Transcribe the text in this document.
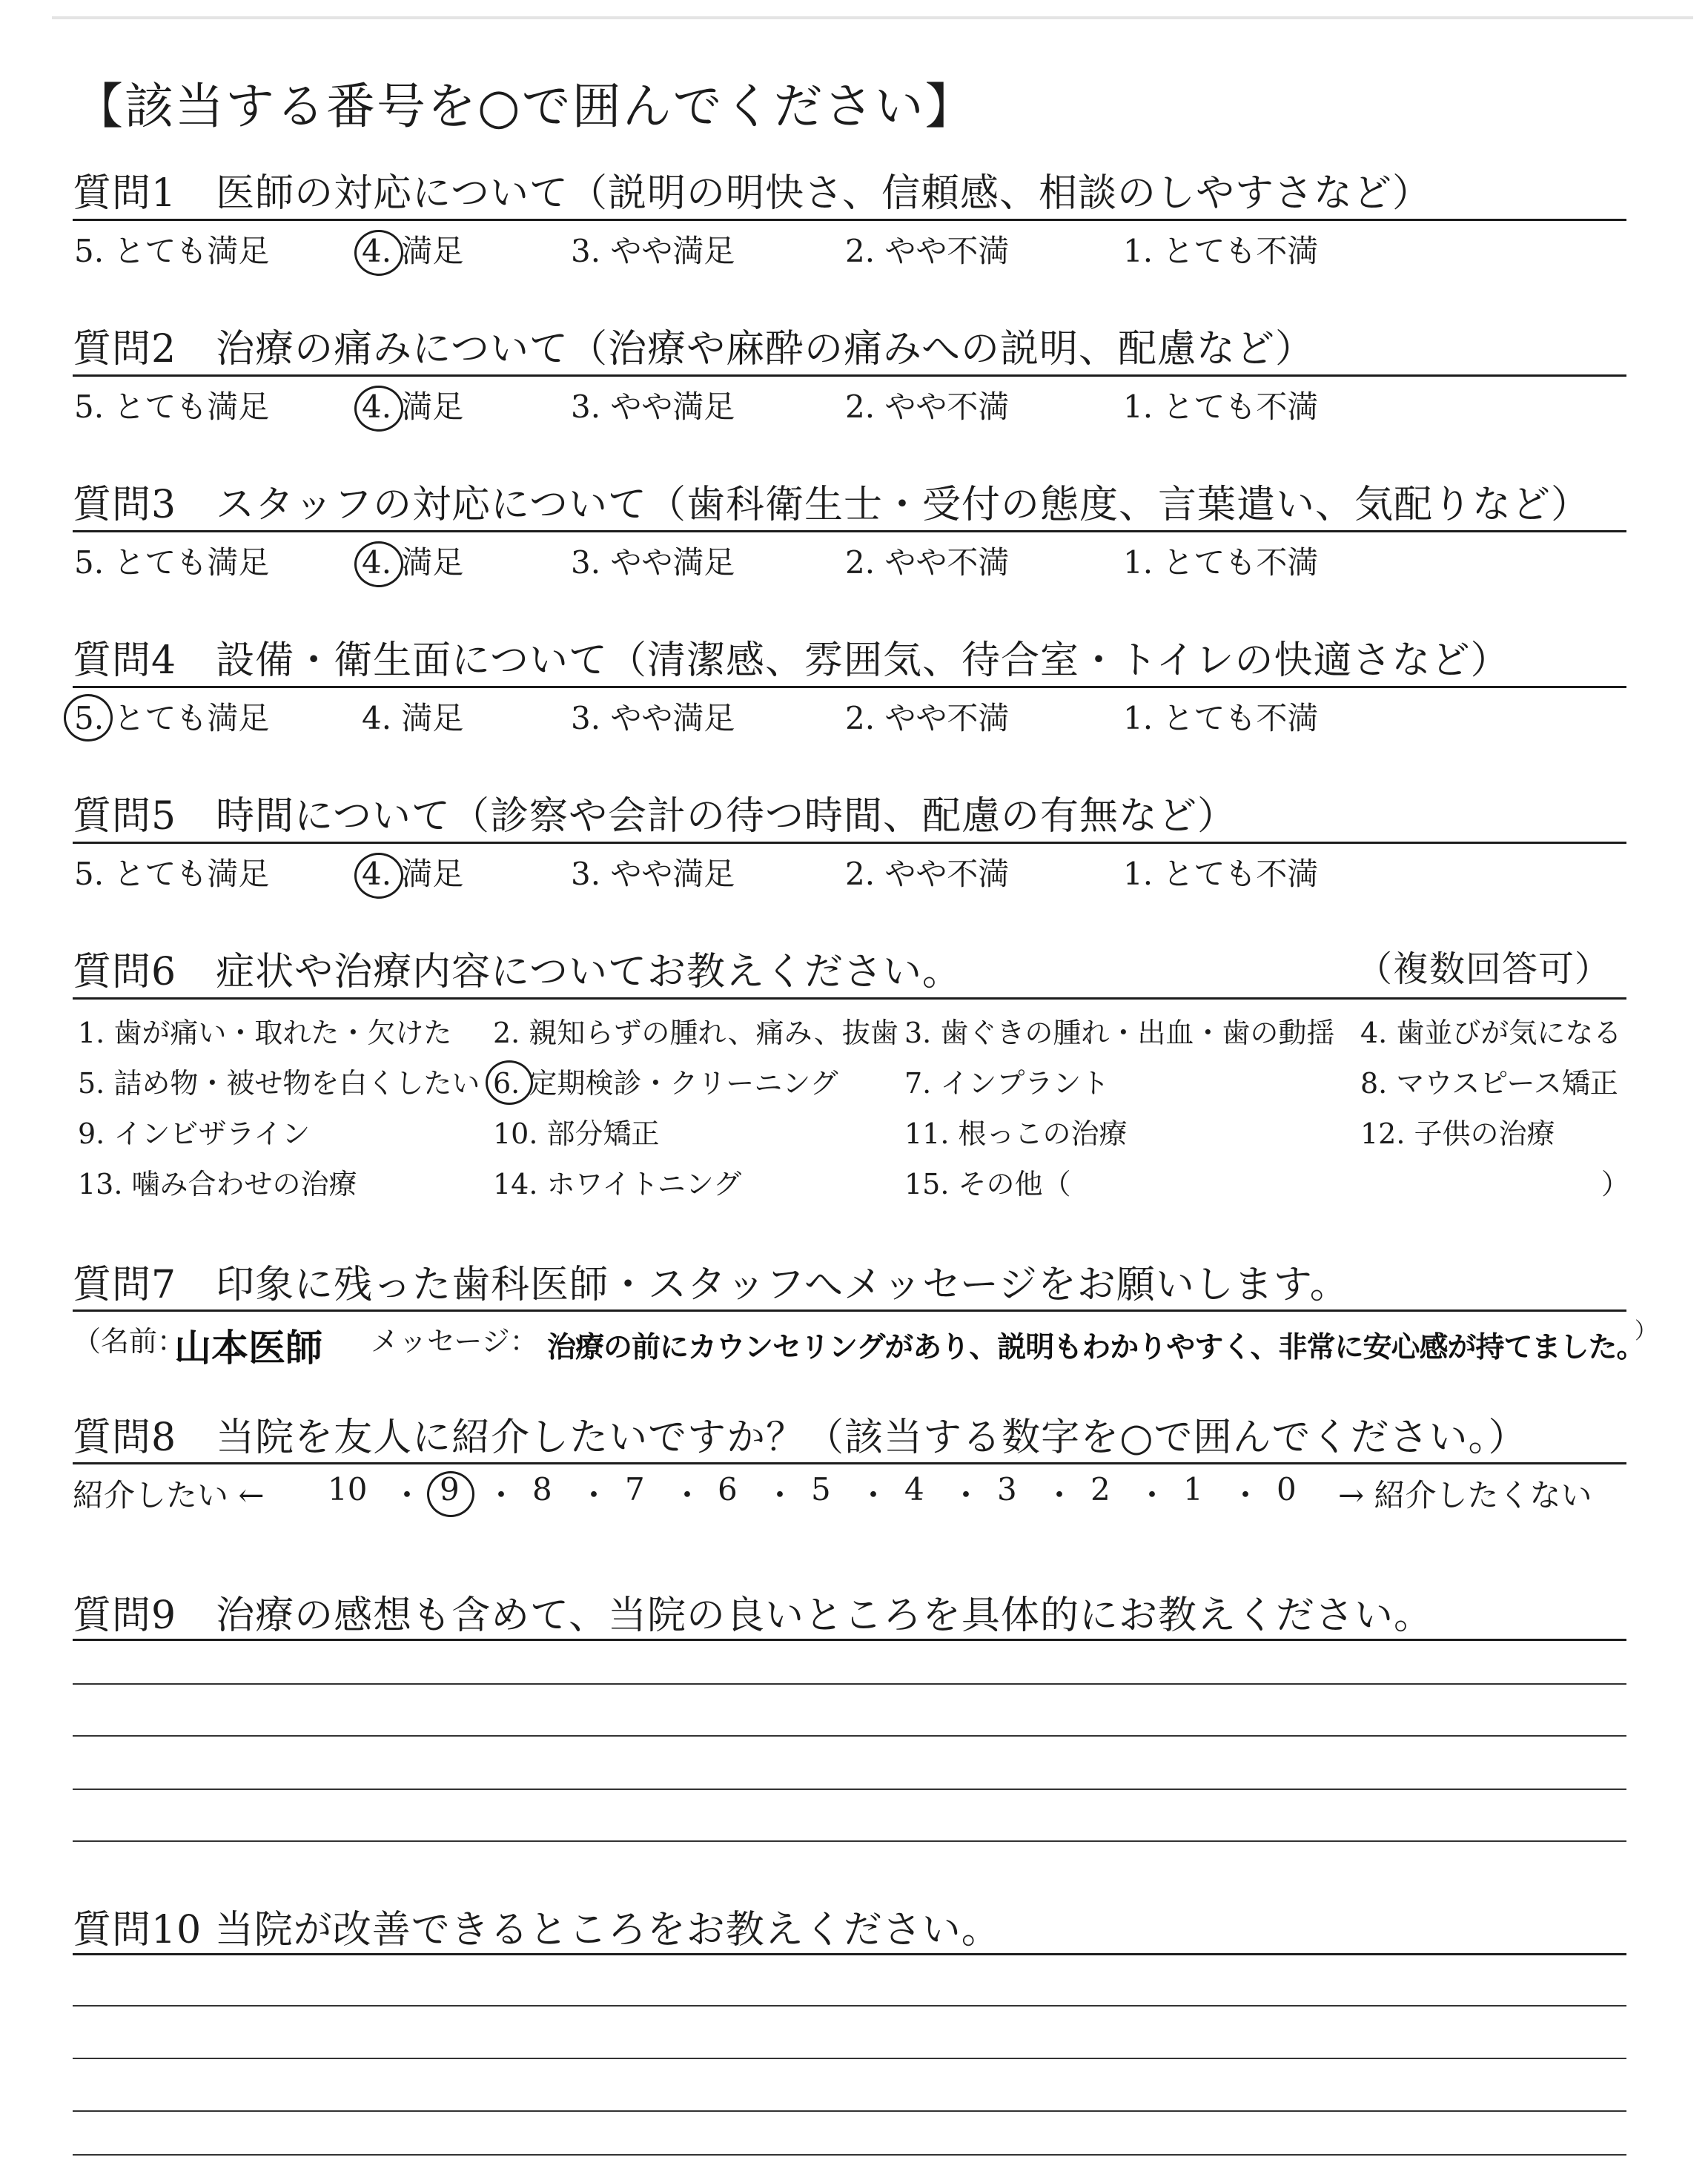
【該当する番号を○で囲んでください】
質問1　医師の対応について（説明の明快さ、信頼感、相談のしやすさなど）
5. とても満足	4. 満足	3. やや満足	2. やや不満	1. とても不満
質問2　治療の痛みについて（治療や麻酔の痛みへの説明、配慮など）
5. とても満足	4. 満足	3. やや満足	2. やや不満	1. とても不満
質問3　スタッフの対応について（歯科衛生士・受付の態度、言葉遣い、気配りなど）
5. とても満足	4. 満足	3. やや満足	2. やや不満	1. とても不満
質問4　設備・衛生面について（清潔感、雰囲気、待合室・トイレの快適さなど）
5. とても満足	4. 満足	3. やや満足	2. やや不満	1. とても不満
質問5　時間について（診察や会計の待つ時間、配慮の有無など）
5. とても満足	4. 満足	3. やや満足	2. やや不満	1. とても不満
質問6　症状や治療内容についてお教えください。	（複数回答可）
1. 歯が痛い・取れた・欠けた 2. 親知らずの腫れ、痛み、抜歯 3. 歯ぐきの腫れ・出血・歯の動揺 4. 歯並びが気になる
5. 詰め物・被せ物を白くしたい 6. 定期検診・クリーニング 7. インプラント	8. マウスピース矯正
9. インビザライン	10. 部分矯正	11. 根っこの治療	12. 子供の治療
13. 噛み合わせの治療	14. ホワイトニング	15. その他（	）
質問7　印象に残った歯科医師・スタッフへメッセージをお願いします。
（名前：
山本医師 メッセージ： 治療の前にカウンセリングがあり、説明もわかりやすく、非常に安心感が持てました。
）
質問8　当院を友人に紹介したいですか？（該当する数字を○で囲んでください。）
紹介したい ←	→ 紹介したくない
10 ・ 9 ・ 8 ・ 7 ・ 6 ・ 5 ・ 4 ・ 3 ・ 2 ・ 1 ・ 0
質問9　治療の感想も含めて、当院の良いところを具体的にお教えください。
質問10 当院が改善できるところをお教えください。
